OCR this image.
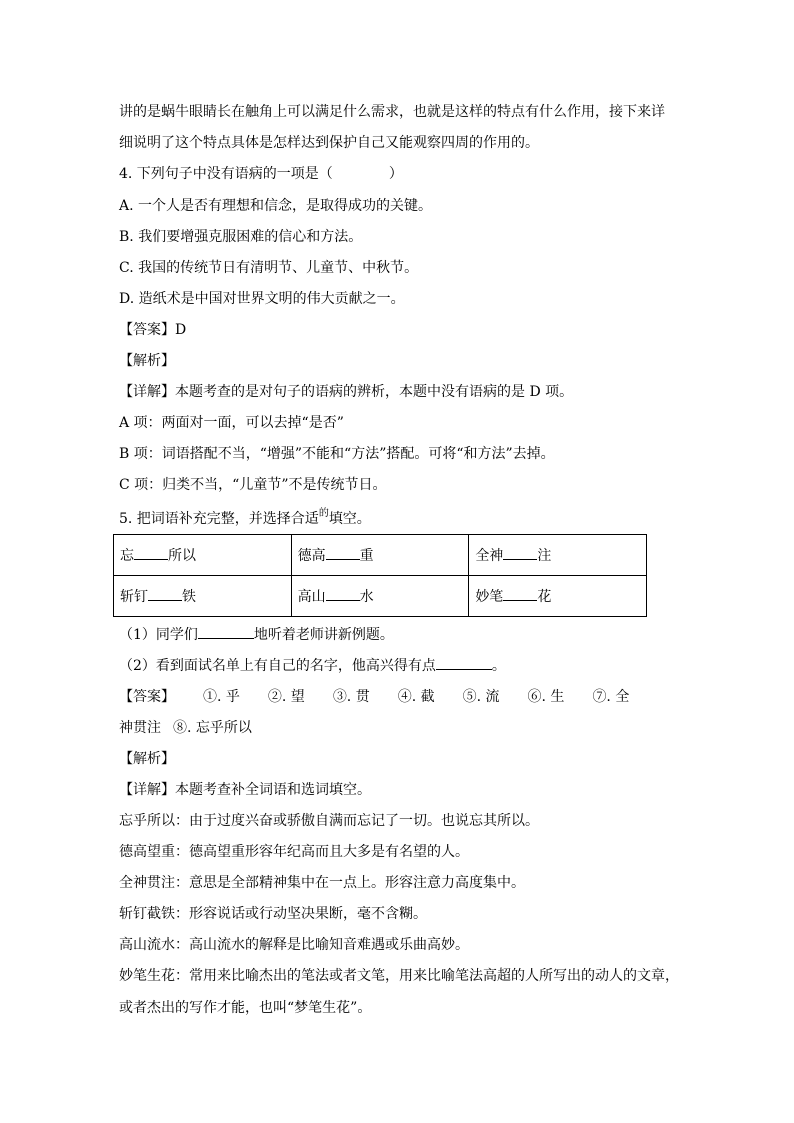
讲的是蜗牛眼睛长在触角上可以满足什么需求，也就是这样的特点有什么作用，接下来详
细说明了这个特点具体是怎样达到保护自己又能观察四周的作用的。
4. 下列句子中没有语病的一项是（	）
A. 一个人是否有理想和信念，是取得成功的关键。
B. 我们要增强克服困难的信心和方法。
C. 我国的传统节日有清明节、儿童节、中秋节。
D. 造纸术是中国对世界文明的伟大贡献之一。
【答案】D
【解析】
【详解】本题考查的是对句子的语病的辨析，本题中没有语病的是 D 项。
A 项：两面对一面，可以去掉“是否”
B 项：词语搭配不当，“增强”不能和“方法”搭配。可将“和方法”去掉。
C 项：归类不当，“儿童节”不是传统节日。
5. 把词语补充完整，并选择合适$^的$填空。
忘 所以	德高 重	全神 注
斩钉 铁	高山 水	妙笔 花
（1）同学们	地听着老师讲新例题。
（2）看到面试名单上有自己的名字，他高兴得有点	。
【答案】 ①. 乎 ②. 望 ③. 贯 ④. 截 ⑤. 流 ⑥. 生 ⑦. 全
神贯注 ⑧. 忘乎所以
【解析】
【详解】本题考查补全词语和选词填空。
忘乎所以：由于过度兴奋或骄傲自满而忘记了一切。也说忘其所以。
德高望重：德高望重形容年纪高而且大多是有名望的人。
全神贯注：意思是全部精神集中在一点上。形容注意力高度集中。
斩钉截铁：形容说话或行动坚决果断，毫不含糊。
高山流水：高山流水的解释是比喻知音难遇或乐曲高妙。
妙笔生花：常用来比喻杰出的笔法或者文笔，用来比喻笔法高超的人所写出的动人的文章，
或者杰出的写作才能，也叫“梦笔生花”。
